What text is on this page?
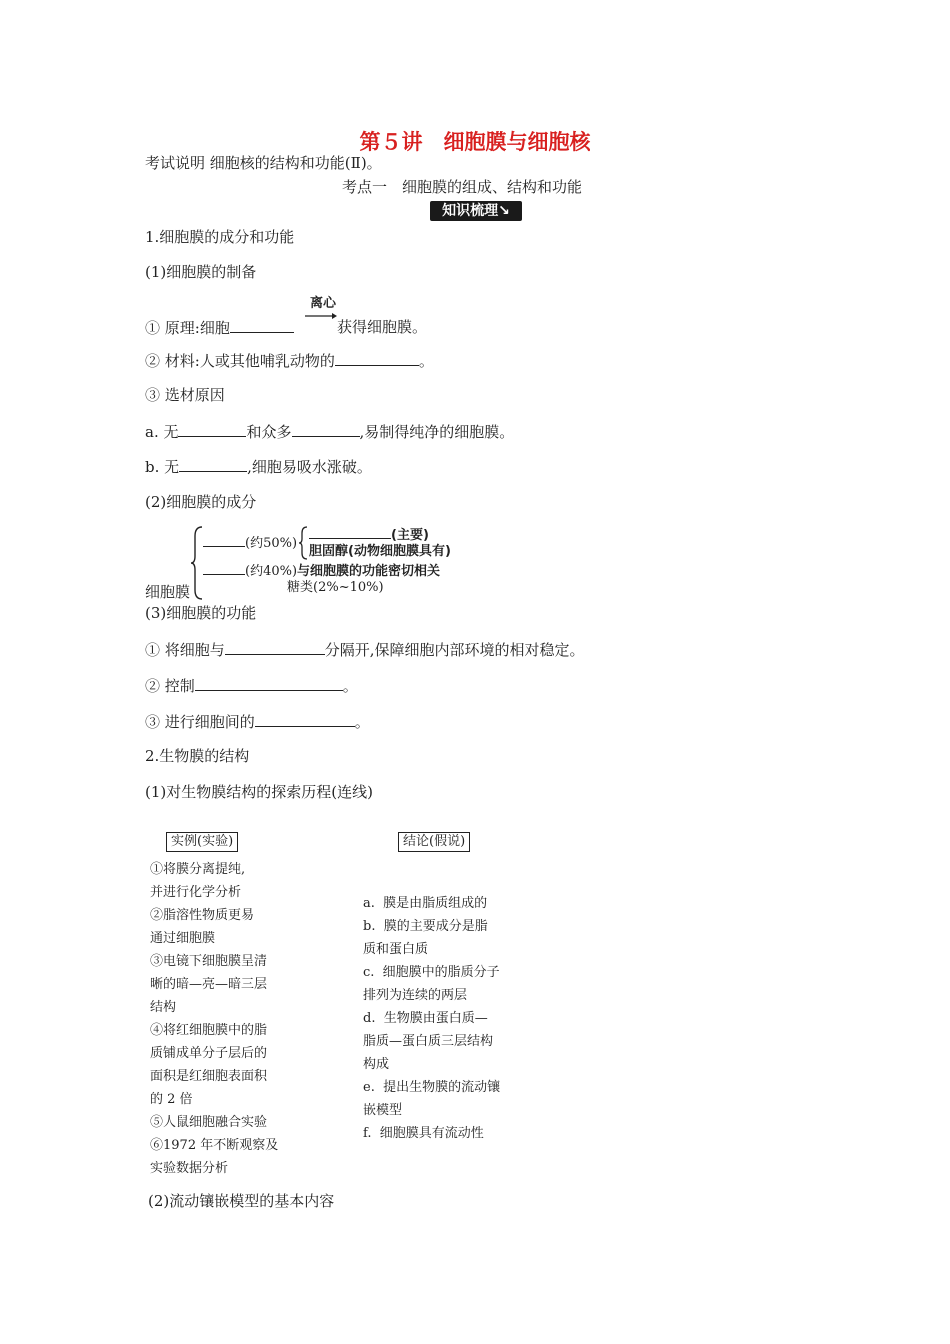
第５讲　细胞膜与细胞核
考试说明 细胞核的结构和功能(Ⅱ)。
考点一　细胞膜的组成、结构和功能
知识梳理↘
1.细胞膜的成分和功能
(1)细胞膜的制备
① 原理:细胞
离心
获得细胞膜。
② 材料:人或其他哺乳动物的	。
③ 选材原因
a. 无	和众多	,易制得纯净的细胞膜。
b. 无	,细胞易吸水涨破。
(2)细胞膜的成分
细胞膜
(约50%)
(主要)
胆固醇(动物细胞膜具有)
(约40%)与细胞膜的功能密切相关
糖类(2%~10%)
(3)细胞膜的功能
① 将细胞与	分隔开,保障细胞内部环境的相对稳定。
② 控制	。
③ 进行细胞间的	。
2.生物膜的结构
(1)对生物膜结构的探索历程(连线)
实例(实验)	结论(假说)
①将膜分离提纯,
并进行化学分析
②脂溶性物质更易
通过细胞膜
③电镜下细胞膜呈清
晰的暗—亮—暗三层
结构
④将红细胞膜中的脂
质铺成单分子层后的
面积是红细胞表面积
的 2 倍
⑤人鼠细胞融合实验
⑥1972 年不断观察及
实验数据分析
a.  膜是由脂质组成的
b.  膜的主要成分是脂
质和蛋白质
c.  细胞膜中的脂质分子
排列为连续的两层
d.  生物膜由蛋白质—
脂质—蛋白质三层结构
构成
e.  提出生物膜的流动镶
嵌模型
f.  细胞膜具有流动性
(2)流动镶嵌模型的基本内容
